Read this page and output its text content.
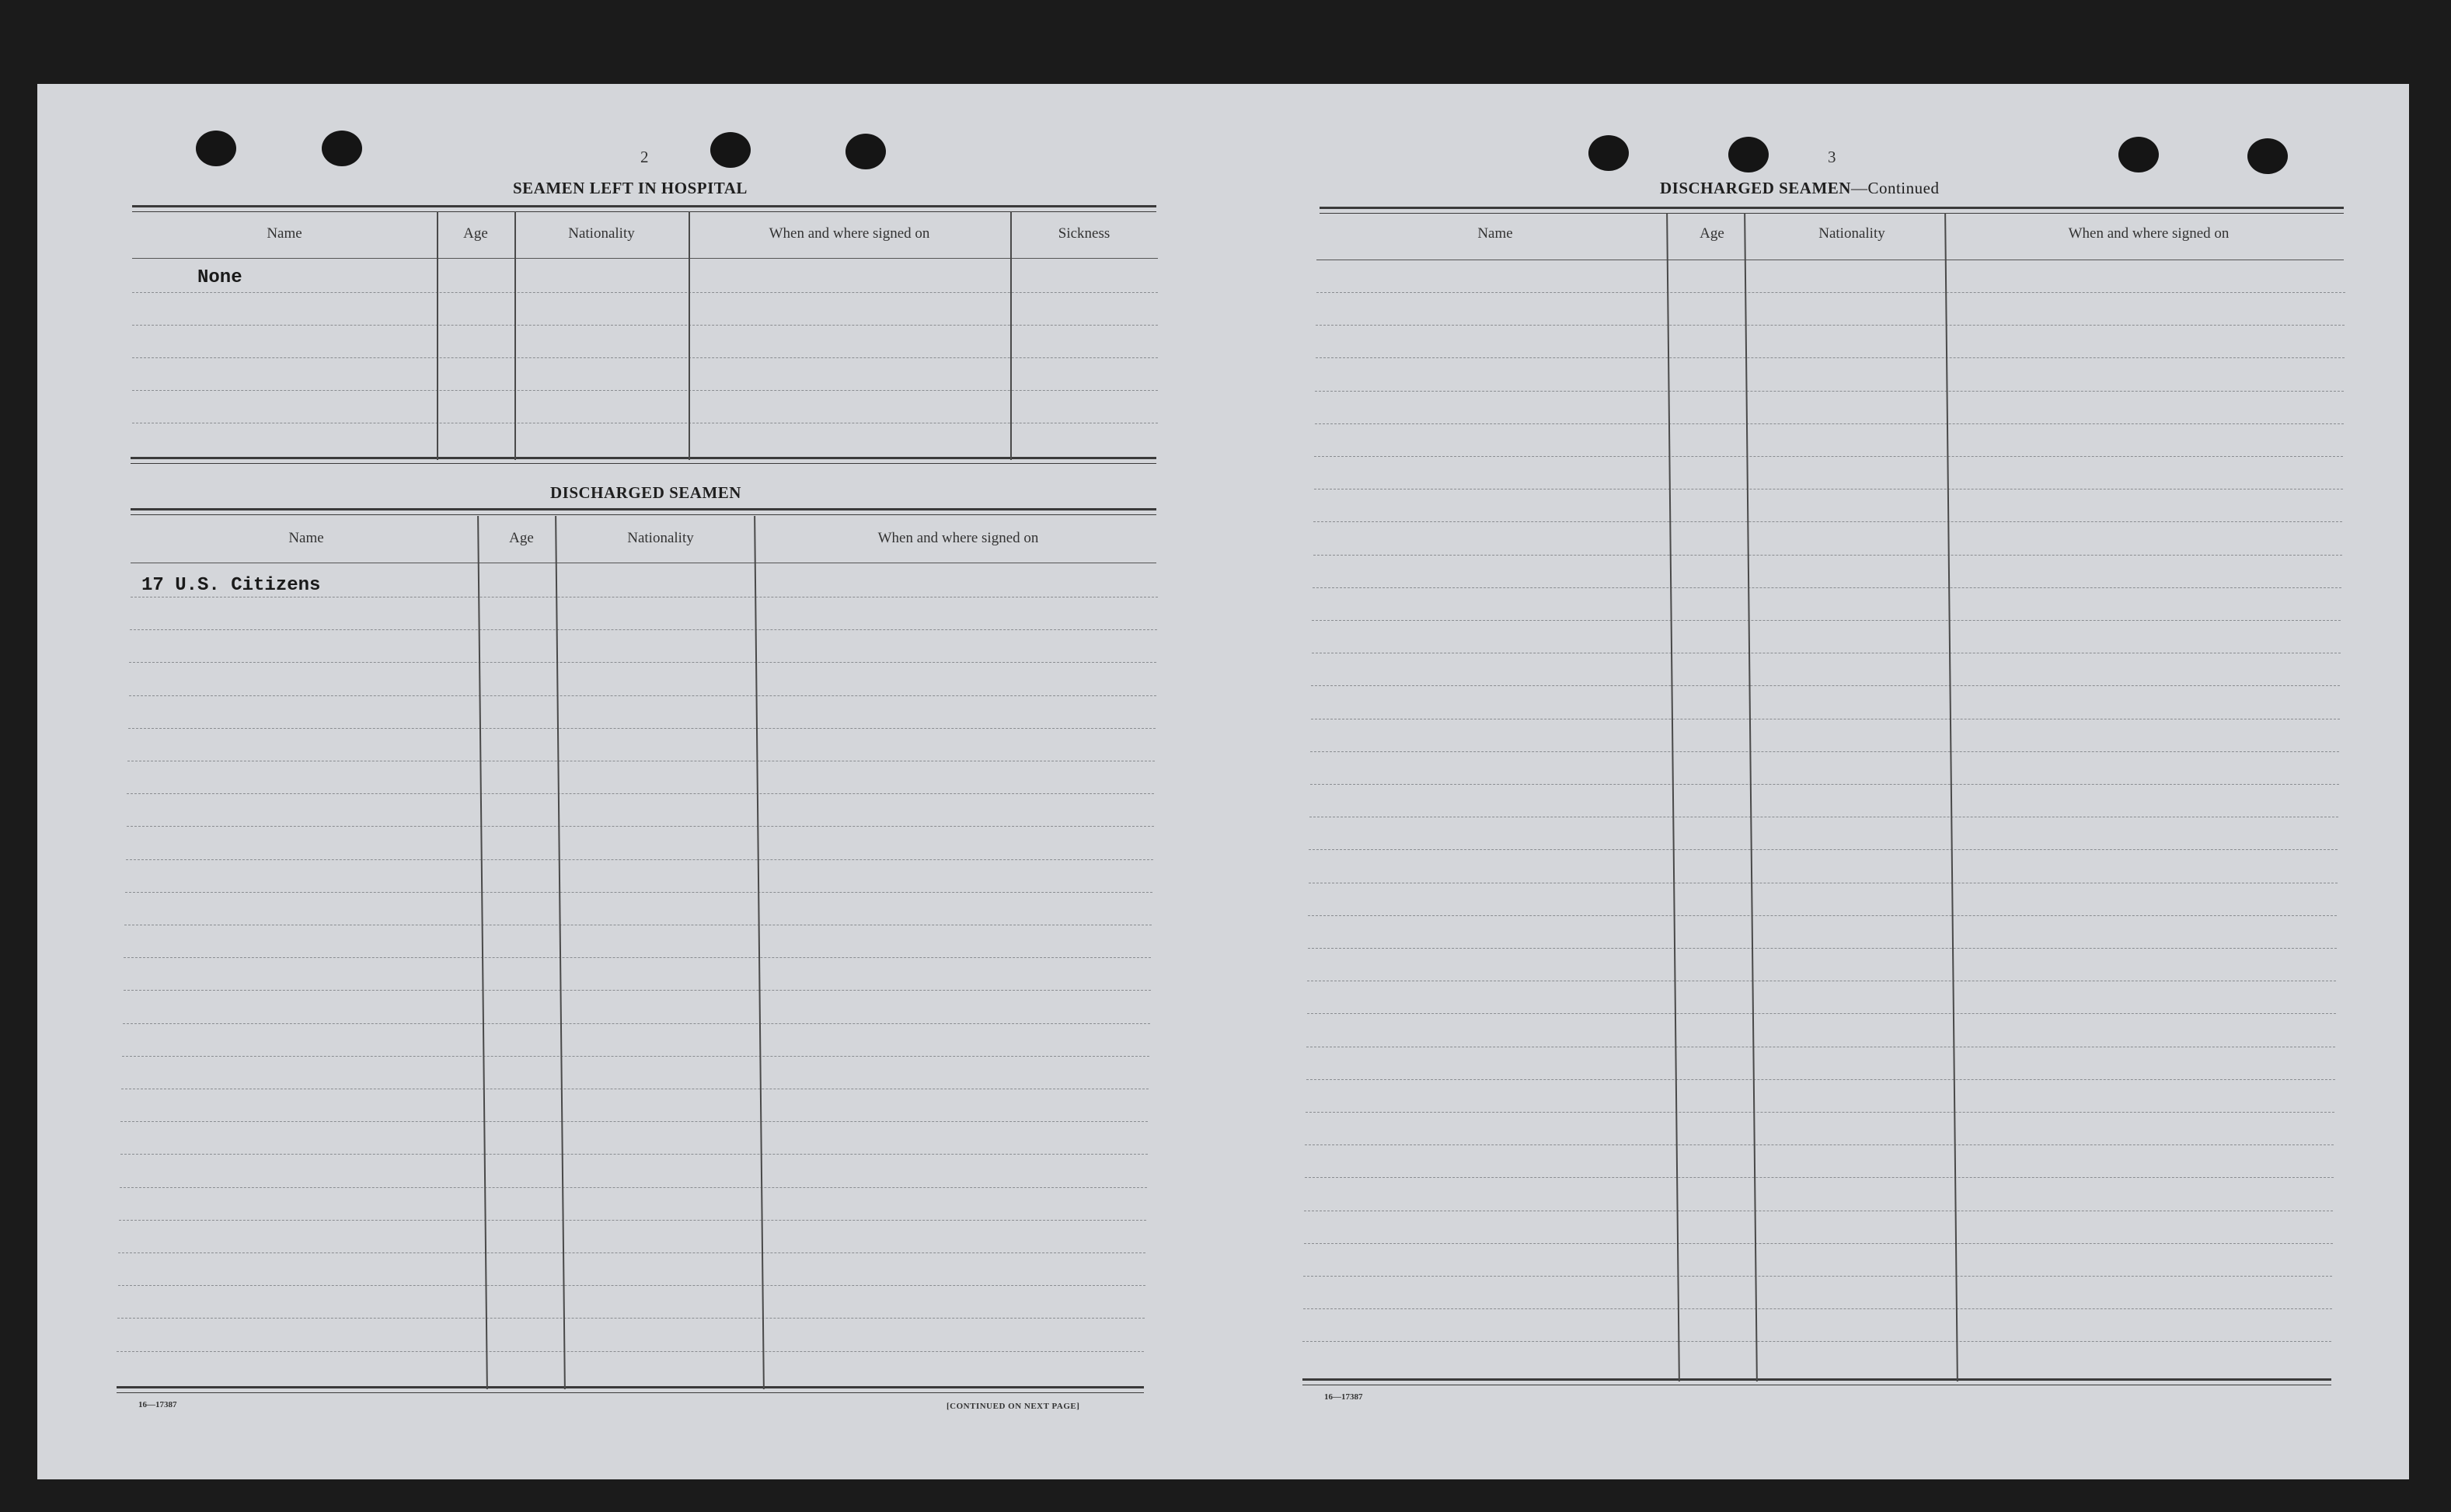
2
SEAMEN LEFT IN HOSPITAL
Name	Age	Nationality	When and where signed on	Sickness
None
DISCHARGED SEAMEN
Name	Age	Nationality	When and where signed on
17 U.S. Citizens
16—17387	[CONTINUED ON NEXT PAGE]
3
DISCHARGED SEAMEN—Continued
Name	Age	Nationality	When and where signed on
16—17387
